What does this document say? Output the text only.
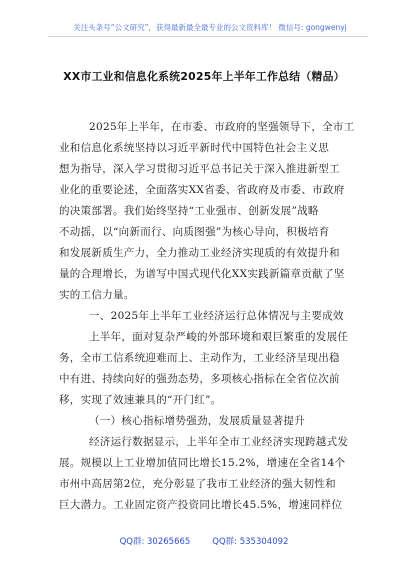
关注头条号“公文研究”，获得最新最全最专业的公文资料库！ 微信号: gongwenyj
XX市工业和信息化系统2025年上半年工作总结（精品）
2025年上半年，在市委、市政府的坚强领导下，全市工
业和信息化系统坚持以习近平新时代中国特色社会主义思
想为指导，深入学习贯彻习近平总书记关于深入推进新型工
业化的重要论述，全面落实XX省委、省政府及市委、市政府
的决策部署。我们始终坚持“工业强市、创新发展”战略
不动摇，以“向新而行、向质图强”为核心导向，积极培育
和发展新质生产力，全力推动工业经济实现质的有效提升和
量的合理增长，为谱写中国式现代化XX实践新篇章贡献了坚
实的工信力量。
一、2025年上半年工业经济运行总体情况与主要成效
上半年，面对复杂严峻的外部环境和艰巨繁重的发展任
务，全市工信系统迎难而上、主动作为，工业经济呈现出稳
中有进、持续向好的强劲态势，多项核心指标在全省位次前
移，实现了效速兼具的“开门红”。
（一）核心指标增势强劲，发展质量显著提升
经济运行数据显示，上半年全市工业经济实现跨越式发
展。规模以上工业增加值同比增长15.2%，增速在全省14个
市州中高居第2位，充分彰显了我市工业经济的强大韧性和
巨大潜力。工业固定资产投资同比增长45.5%，增速同样位
QQ群: 30265665	QQ群: 535304092
